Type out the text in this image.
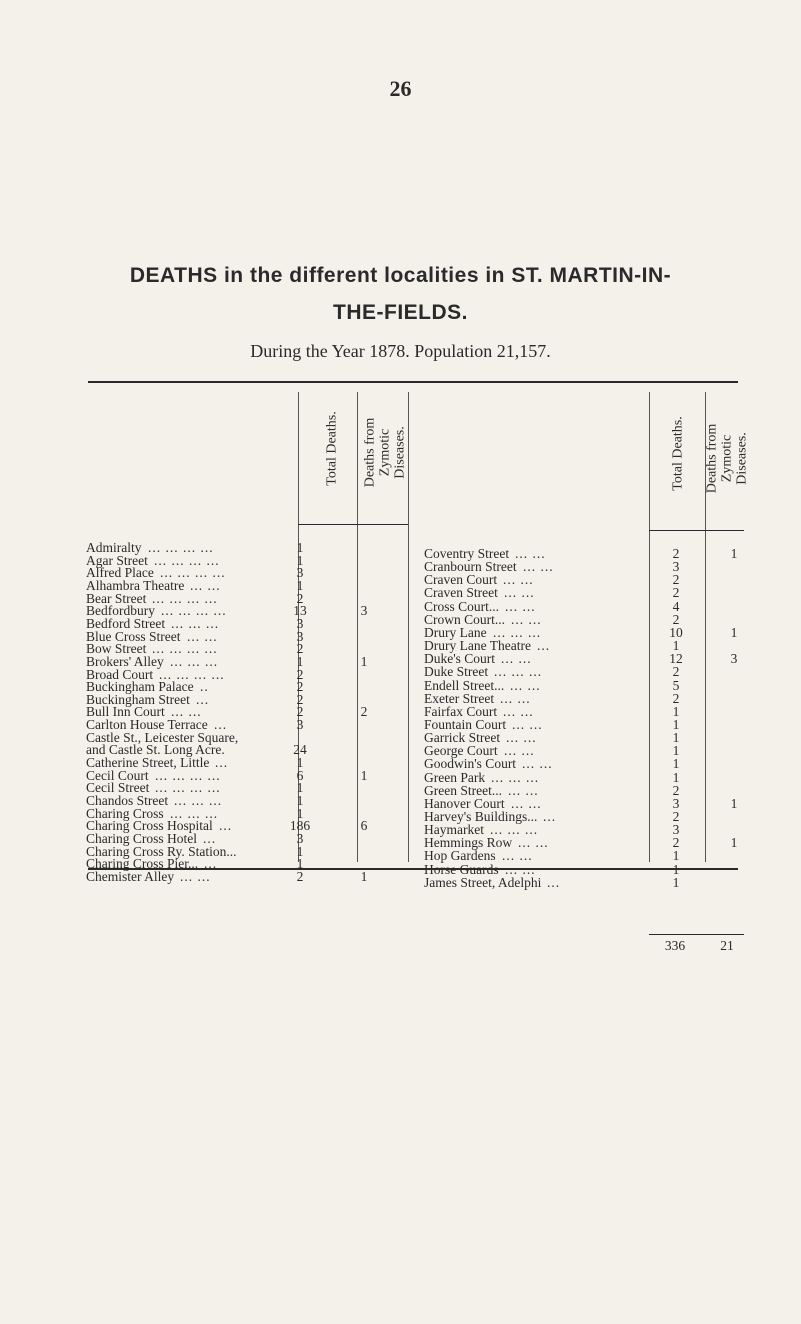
26
DEATHS in the different localities in ST. MARTIN-IN-
THE-FIELDS.
During the Year 1878. Population 21,157.
Total Deaths. Deaths from Zymotic Diseases.	Total Deaths. Deaths from Zymotic Diseases.
Admiralty ... ... ... ...	1
Agar Street ... ... ... ...	1
Alfred Place ... ... ... ...	3
Alhambra Theatre ... ...	1
Bear Street ... ... ... ...	2
Bedfordbury ... ... ... ...	13	3
Bedford Street ... ... ...	3
Blue Cross Street ... ...	3
Bow Street ... ... ... ...	2
Brokers' Alley ... ... ...	1	1
Broad Court ... ... ... ...	2
Buckingham Palace ..	2
Buckingham Street ...	2
Bull Inn Court ... ...	2	2
Carlton House Terrace ...	3
Castle St., Leicester Square,
and Castle St. Long Acre.	24
Catherine Street, Little ...	1
Cecil Court ... ... ... ...	6	1
Cecil Street ... ... ... ...	1
Chandos Street ... ... ...	1
Charing Cross ... ... ...	1
Charing Cross Hospital ...	186	6
Charing Cross Hotel ...	3
Charing Cross Ry. Station...	1
Charing Cross Pier... ...	1
Chemister Alley ... ...	2	1
Coventry Street ... ...	2	1
Cranbourn Street ... ...	3
Craven Court ... ...	2
Craven Street ... ...	2
Cross Court... ... ...	4
Crown Court... ... ...	2
Drury Lane ... ... ...	10	1
Drury Lane Theatre ...	1
Duke's Court ... ...	12	3
Duke Street ... ... ...	2
Endell Street... ... ...	5
Exeter Street ... ...	2
Fairfax Court ... ...	1
Fountain Court ... ...	1
Garrick Street ... ...	1
George Court ... ...	1
Goodwin's Court ... ...	1
Green Park ... ... ...	1
Green Street... ... ...	2
Hanover Court ... ...	3	1
Harvey's Buildings... ...	2
Haymarket ... ... ...	3
Hemmings Row ... ...	2	1
Hop Gardens ... ...	1
Horse Guards ... ...	1
James Street, Adelphi ...	1
336	21
